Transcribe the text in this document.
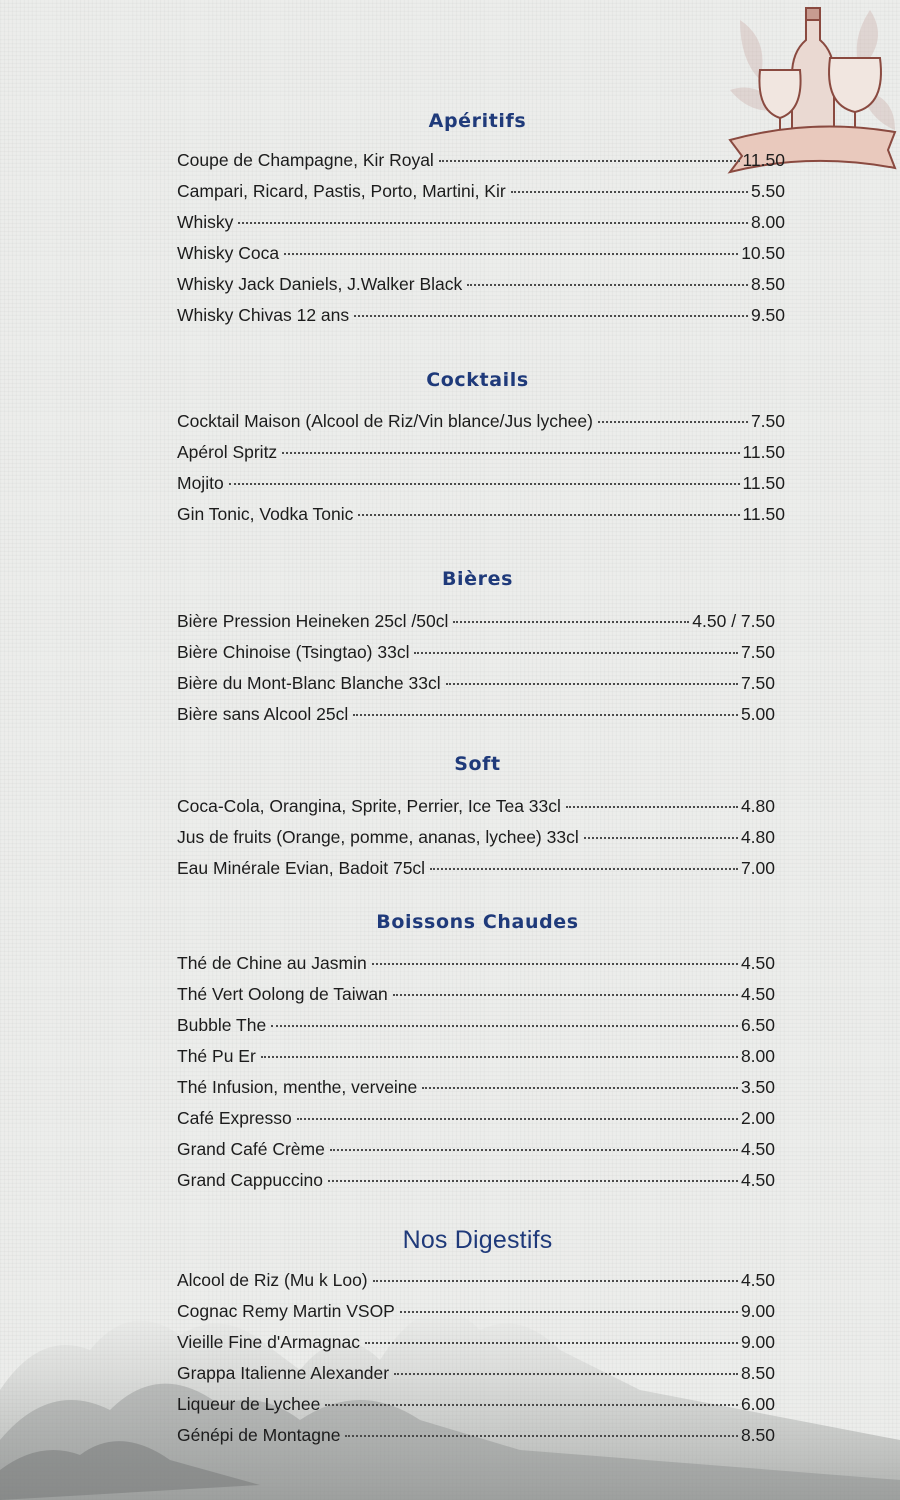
Apéritifs
Coupe de Champagne, Kir Royal	11.50
Campari, Ricard, Pastis, Porto, Martini, Kir	5.50
Whisky	8.00
Whisky Coca	10.50
Whisky Jack Daniels, J.Walker Black	8.50
Whisky Chivas 12 ans	9.50
Cocktails
Cocktail Maison (Alcool de Riz/Vin blance/Jus lychee)	7.50
Apérol Spritz	11.50
Mojito	11.50
Gin Tonic, Vodka Tonic	11.50
Bières
Bière Pression Heineken 25cl /50cl	4.50 / 7.50
Bière Chinoise (Tsingtao) 33cl	7.50
Bière du Mont-Blanc Blanche 33cl	7.50
Bière sans Alcool 25cl	5.00
Soft
Coca-Cola, Orangina, Sprite, Perrier, Ice Tea 33cl	4.80
Jus de fruits (Orange, pomme, ananas, lychee) 33cl	4.80
Eau Minérale Evian, Badoit 75cl	7.00
Boissons Chaudes
Thé de Chine au Jasmin	4.50
Thé Vert Oolong de Taiwan	4.50
Bubble The	6.50
Thé Pu Er	8.00
Thé Infusion, menthe, verveine	3.50
Café Expresso	2.00
Grand Café Crème	4.50
Grand Cappuccino	4.50
Nos Digestifs
Alcool de Riz (Mu k Loo)	4.50
Cognac Remy Martin VSOP	9.00
Vieille Fine d'Armagnac	9.00
Grappa Italienne Alexander	8.50
Liqueur de Lychee	6.00
Génépi de Montagne	8.50
